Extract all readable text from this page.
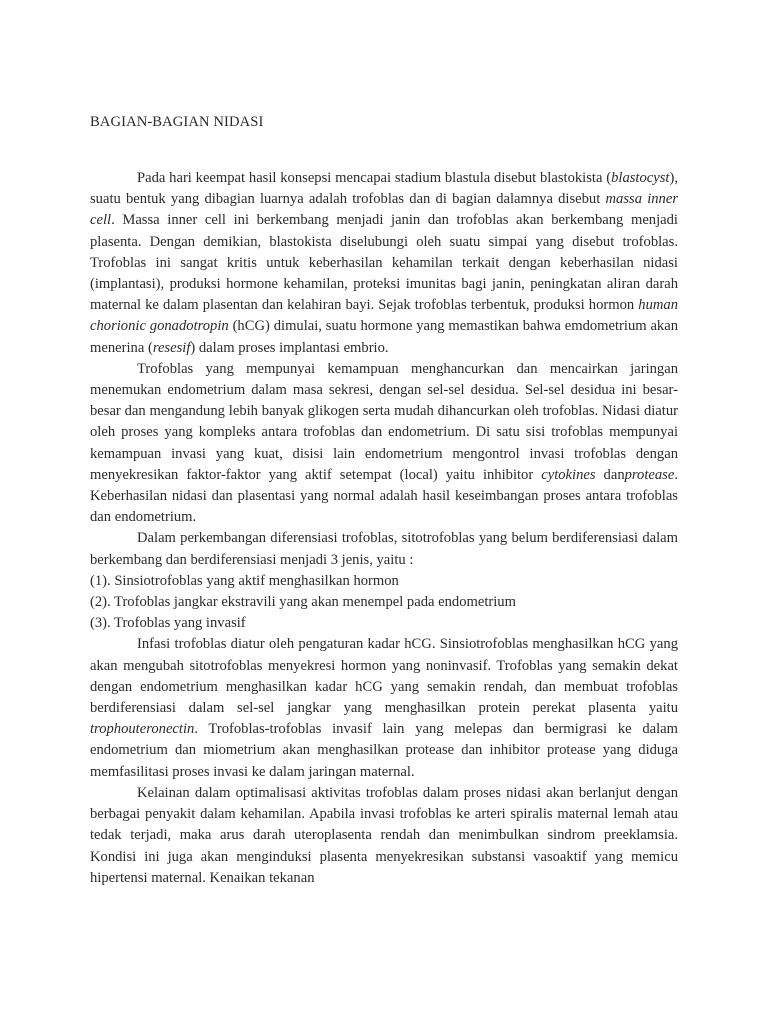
BAGIAN-BAGIAN NIDASI

Pada hari keempat hasil konsepsi mencapai stadium blastula disebut blastokista (blastocyst), suatu bentuk yang dibagian luarnya adalah trofoblas dan di bagian dalamnya disebut massa inner cell. Massa inner cell ini berkembang menjadi janin dan trofoblas akan berkembang menjadi plasenta. Dengan demikian, blastokista diselubungi oleh suatu simpai yang disebut trofoblas. Trofoblas ini sangat kritis untuk keberhasilan kehamilan terkait dengan keberhasilan nidasi (implantasi), produksi hormone kehamilan, proteksi imunitas bagi janin, peningkatan aliran darah maternal ke dalam plasentan dan kelahiran bayi. Sejak trofoblas terbentuk, produksi hormon human chorionic gonadotropin (hCG) dimulai, suatu hormone yang memastikan bahwa emdometrium akan menerina (resesif) dalam proses implantasi embrio.

Trofoblas yang mempunyai kemampuan menghancurkan dan mencairkan jaringan menemukan endometrium dalam masa sekresi, dengan sel-sel desidua. Sel-sel desidua ini besar-besar dan mengandung lebih banyak glikogen serta mudah dihancurkan oleh trofoblas. Nidasi diatur oleh proses yang kompleks antara trofoblas dan endometrium. Di satu sisi trofoblas mempunyai kemampuan invasi yang kuat, disisi lain endometrium mengontrol invasi trofoblas dengan menyekresikan faktor-faktor yang aktif setempat (local) yaitu inhibitor cytokines danprotease. Keberhasilan nidasi dan plasentasi yang normal adalah hasil keseimbangan proses antara trofoblas dan endometrium.

Dalam perkembangan diferensiasi trofoblas, sitotrofoblas yang belum berdiferensiasi dalam berkembang dan berdiferensiasi menjadi 3 jenis, yaitu :

(1). Sinsiotrofoblas yang aktif menghasilkan hormon

(2). Trofoblas jangkar ekstravili yang akan menempel pada endometrium

(3). Trofoblas yang invasif

Infasi trofoblas diatur oleh pengaturan kadar hCG. Sinsiotrofoblas menghasilkan hCG yang akan mengubah sitotrofoblas menyekresi hormon yang noninvasif. Trofoblas yang semakin dekat dengan endometrium menghasilkan kadar hCG yang semakin rendah, dan membuat trofoblas berdiferensiasi dalam sel-sel jangkar yang menghasilkan protein perekat plasenta yaitu trophouteronectin. Trofoblas-trofoblas invasif lain yang melepas dan bermigrasi ke dalam endometrium dan miometrium akan menghasilkan protease dan inhibitor protease yang diduga memfasilitasi proses invasi ke dalam jaringan maternal.

Kelainan dalam optimalisasi aktivitas trofoblas dalam proses nidasi akan berlanjut dengan berbagai penyakit dalam kehamilan. Apabila invasi trofoblas ke arteri spiralis maternal lemah atau tedak terjadi, maka arus darah uteroplasenta rendah dan menimbulkan sindrom preeklamsia. Kondisi ini juga akan menginduksi plasenta menyekresikan substansi vasoaktif yang memicu hipertensi maternal. Kenaikan tekanan
